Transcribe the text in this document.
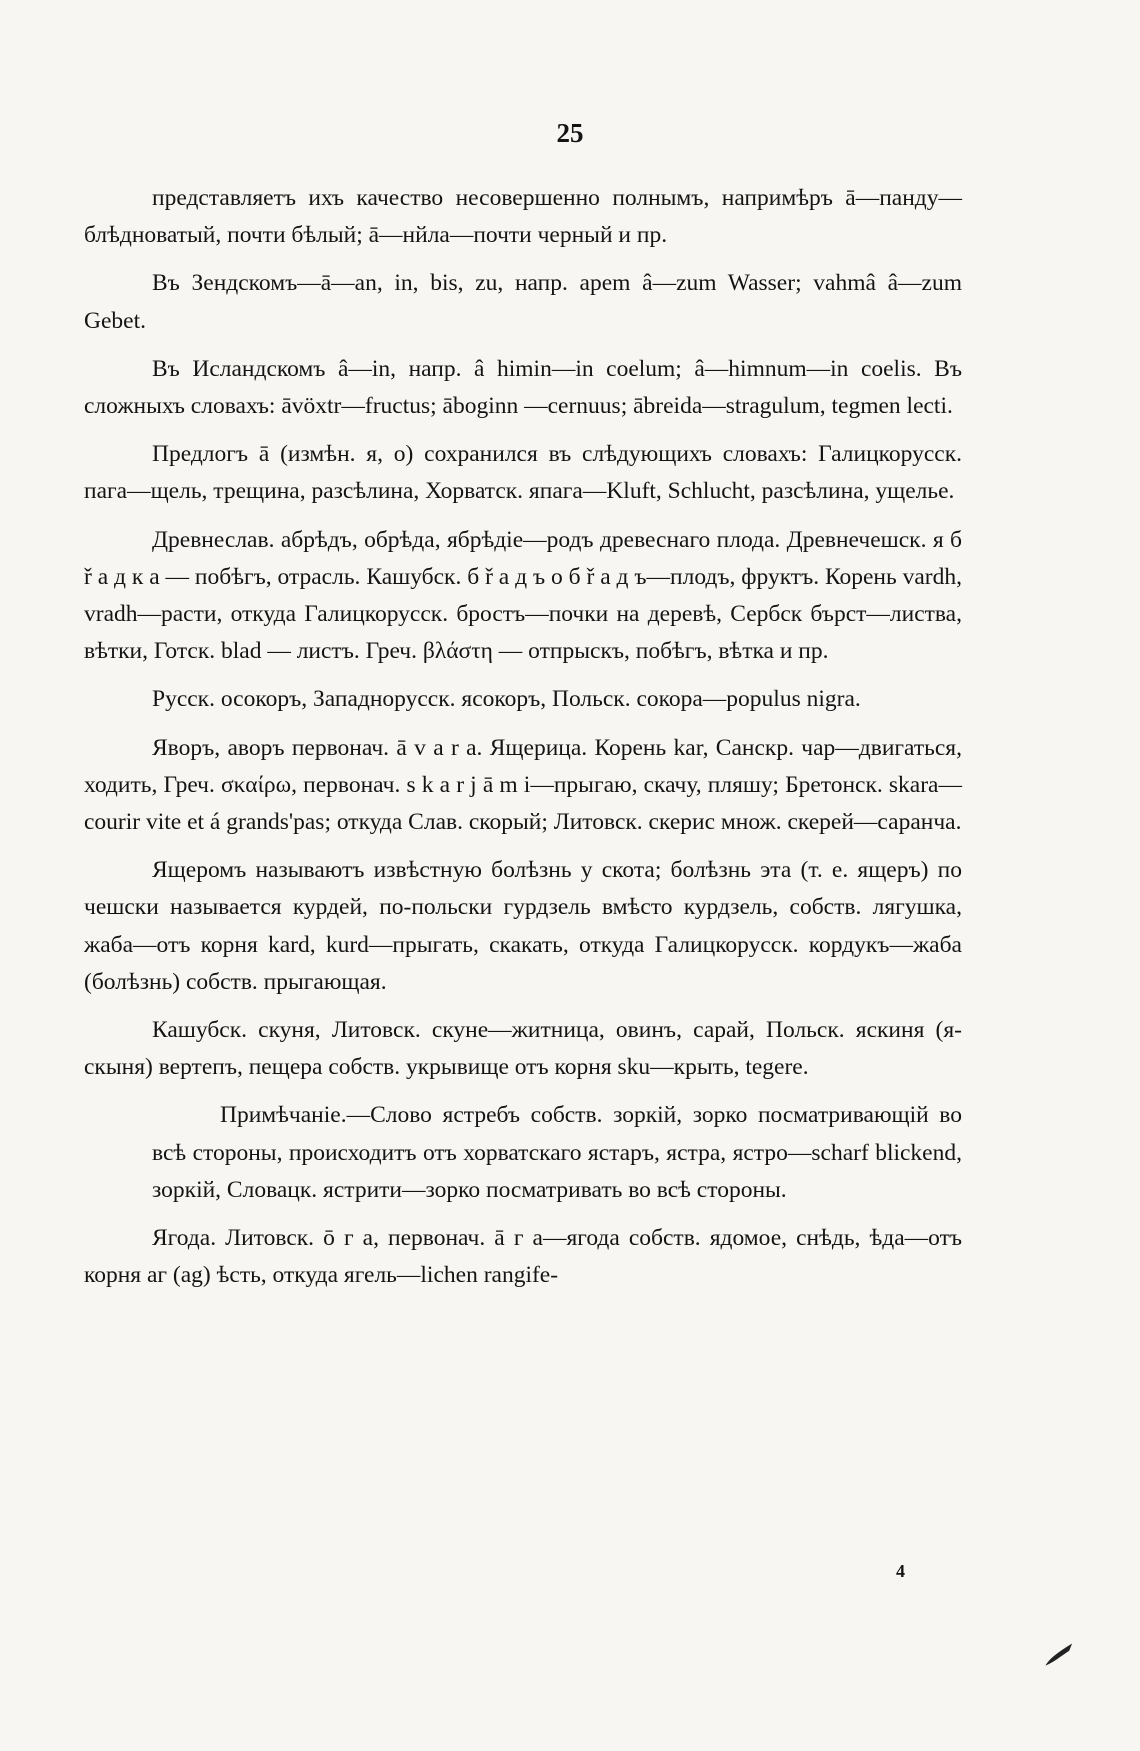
25

представляетъ ихъ качество несовершенно полнымъ, напримѣръ ā—панду—блѣдноватый, почти бѣлый; ā—нйла—почти черный и пр.

Въ Зендскомъ—ā—an, in, bis, zu, напр. apem â—zum Wasser; vahmâ â—zum Gebet.

Въ Исландскомъ â—in, напр. â himin—in coelum; â—himnum—in coelis. Въ сложныхъ словахъ: āvöxtr—fructus; āboginn —cernuus; ābreida—stragulum, tegmen lecti.

Предлогъ ā (измѣн. я, о) сохранился въ слѣдующихъ словахъ: Галицкорусск. пага—щель, трещина, разсѣлина, Хорватск. япага—Kluft, Schlucht, разсѣлина, ущелье.

Древнеслав. абрѣдъ, обрѣда, ябрѣдіе—родъ древеснаго плода. Древнечешск. я б ř а д к а — побѣгъ, отрасль. Кашубск. б ř а д ъ о б ř а д ъ—плодъ, фруктъ. Корень vardh, vradh—расти, откуда Галицкорусск. бростъ—почки на деревѣ, Сербск бърст—листва, вѣтки, Готск. blad — листъ. Греч. βλάστη — отпрыскъ, побѣгъ, вѣтка и пр.

Русск. осокоръ, Западнорусск. ясокоръ, Польск. сокора—populus nigra.

Яворъ, аворъ первонач. ā v a r a. Ящерица. Корень kar, Санскр. чар—двигаться, ходить, Греч. σκαίρω, первонач. s k a r j ā m i—прыгаю, скачу, пляшу; Бретонск. skara—courir vite et á grands'pas; откуда Слав. скорый; Литовск. скерис множ. скерей—саранча.

Ящеромъ называютъ извѣстную болѣзнь у скота; болѣзнь эта (т. е. ящеръ) по чешски называется курдей, по-польски гурдзель вмѣсто курдзель, собств. лягушка, жаба—отъ корня kard, kurd—прыгать, скакать, откуда Галицкорусск. кордукъ—жаба (болѣзнь) собств. прыгающая.

Кашубск. скуня, Литовск. скуне—житница, овинъ, сарай, Польск. яскиня (я-скыня) вертепъ, пещера собств. укрывище отъ корня sku—крыть, tegere.

Примѣчаніе.—Слово ястребъ собств. зоркій, зорко посматривающій во всѣ стороны, происходитъ отъ хорватскаго ястаръ, ястра, ястро—scharf blickend, зоркій, Словацк. ястрити—зорко посматривать во всѣ стороны.

Ягода. Литовск. ō г а, первонач. ā г а—ягода собств. ядомое, снѣдь, ѣда—отъ корня аг (ag) ѣсть, откуда ягель—lichen rangife-

4
